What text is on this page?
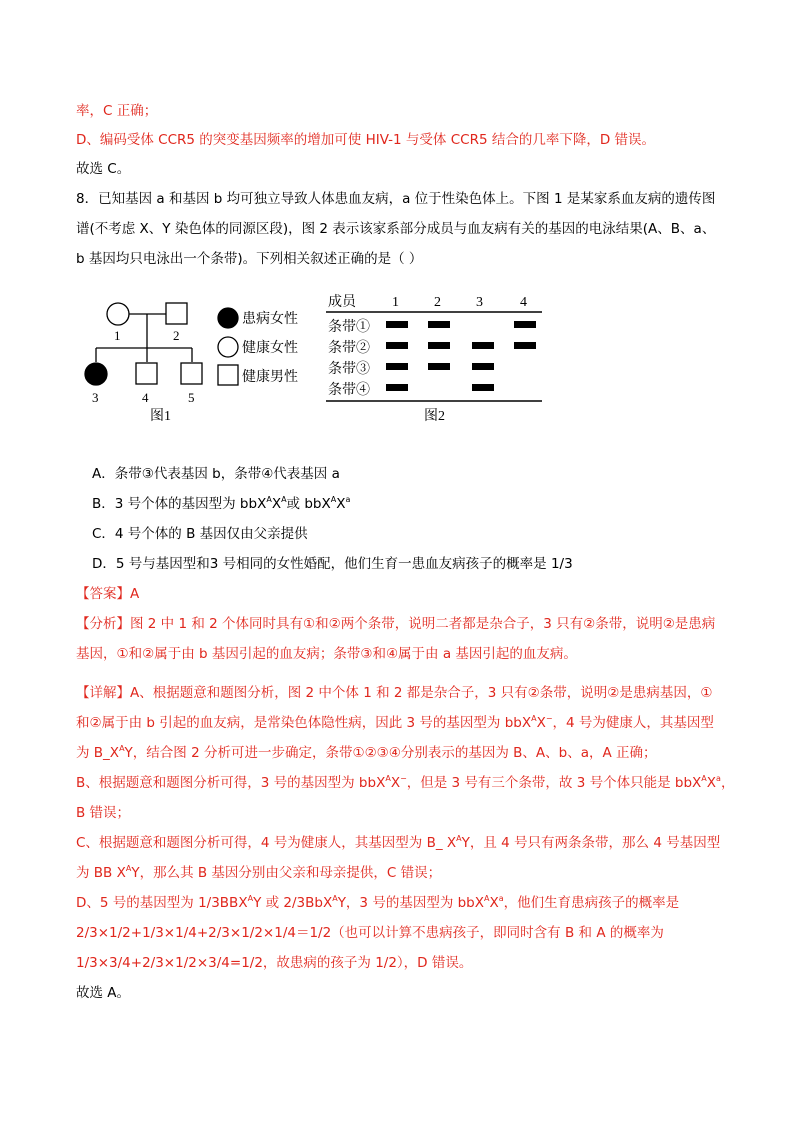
率，C 正确；
D、编码受体 CCR5 的突变基因频率的增加可使 HIV-1 与受体 CCR5 结合的几率下降，D 错误。
故选 C。
8．已知基因 a 和基因 b 均可独立导致人体患血友病，a 位于性染色体上。下图 1 是某家系血友病的遗传图
谱(不考虑 X、Y 染色体的同源区段)，图 2 表示该家系部分成员与血友病有关的基因的电泳结果(A、B、a、
b 基因均只电泳出一个条带)。下列相关叙述正确的是（ ）
1	2
3	4	5
患病女性
健康女性
健康男性
图1
成员	1	2	3	4
条带①
条带②
条带③
条带④
图2
A．条带③代表基因 b，条带④代表基因 a
B．3 号个体的基因型为 $bbX^AX^A$或 $bbX^AX^a$
C．4 号个体的 B 基因仅由父亲提供
D．5 号与基因型和3 号相同的女性婚配，他们生育一患血友病孩子的概率是 1/3
【答案】A
【分析】图 2 中 1 和 2 个体同时具有①和②两个条带，说明二者都是杂合子，3 只有②条带，说明②是患病
基因，①和②属于由 b 基因引起的血友病；条带③和④属于由 a 基因引起的血友病。
【详解】A、根据题意和题图分析，图 2 中个体 1 和 2 都是杂合子，3 只有②条带，说明②是患病基因，①
和②属于由 b 引起的血友病，是常染色体隐性病，因此 3 号的基因型为 bbX$^A$X−，4 号为健康人，其基因型
为 $B\_X^AY$，结合图 2 分析可进一步确定，条带①②③④分别表示的基因为 B、A、b、a，A 正确；
B、根据题意和题图分析可得，3 号的基因型为 bbX$^A$X−，但是 3 号有三个条带，故 3 号个体只能是 $bbX^AX^a$，
B 错误；
C、根据题意和题图分析可得，4 号为健康人，其基因型为 B_ $X^AY$，且 4 号只有两条条带，那么 4 号基因型
为 BB $X^AY$，那么其 B 基因分别由父亲和母亲提供，C 错误；
D、5 号的基因型为 $1/3BBX^AY$ 或 2/3BbX$^A$Y，3 号的基因型为 $bbX^AX^a$，他们生育患病孩子的概率是
2/3×1/2+1/3×1/4+2/3×1/2×1/4＝1/2（也可以计算不患病孩子，即同时含有 B 和 A 的概率为
1/3×3/4+2/3×1/2×3/4=1/2，故患病的孩子为 1/2），D 错误。
故选 A。
